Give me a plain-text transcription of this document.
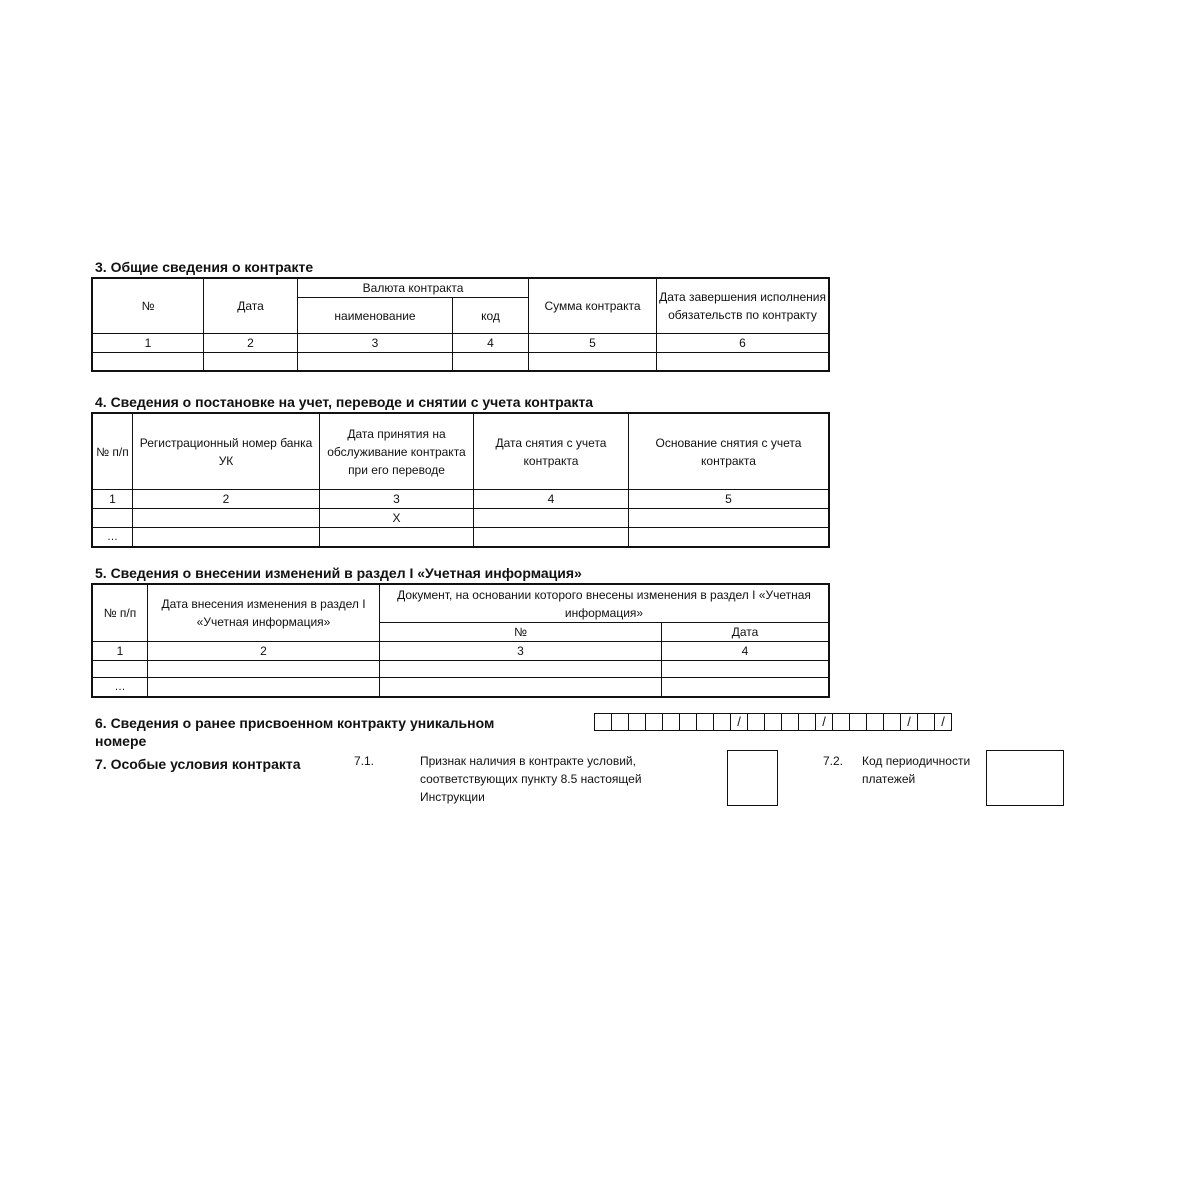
3. Общие сведения о контракте
№	Дата	Валюта контракта		Сумма контракта	Дата завершения исполнения обязательств по контракту
		наименование	код		
1	2	3	4	5	6

4. Сведения о постановке на учет, переводе и снятии с учета контракта
№ п/п	Регистрационный номер банка УК	Дата принятия на обслуживание контракта при его переводе	Дата снятия с учета контракта	Основание снятия с учета контракта
1	2	3	4	5
		Х		
…				
5. Сведения о внесении изменений в раздел I «Учетная информация»
№ п/п	Дата внесения изменения в раздел I «Учетная информация»	Документ, на основании которого внесены изменения в раздел I «Учетная информация»	
		№	Дата
1	2	3	4

…			
6. Сведения о ранее присвоенном контракту уникальном номере
/	/	/	/
7. Особые условия контракта	7.1.	Признак наличия в контракте условий, соответствующих пункту 8.5 настоящей Инструкции
7.2. Код периодичности платежей
